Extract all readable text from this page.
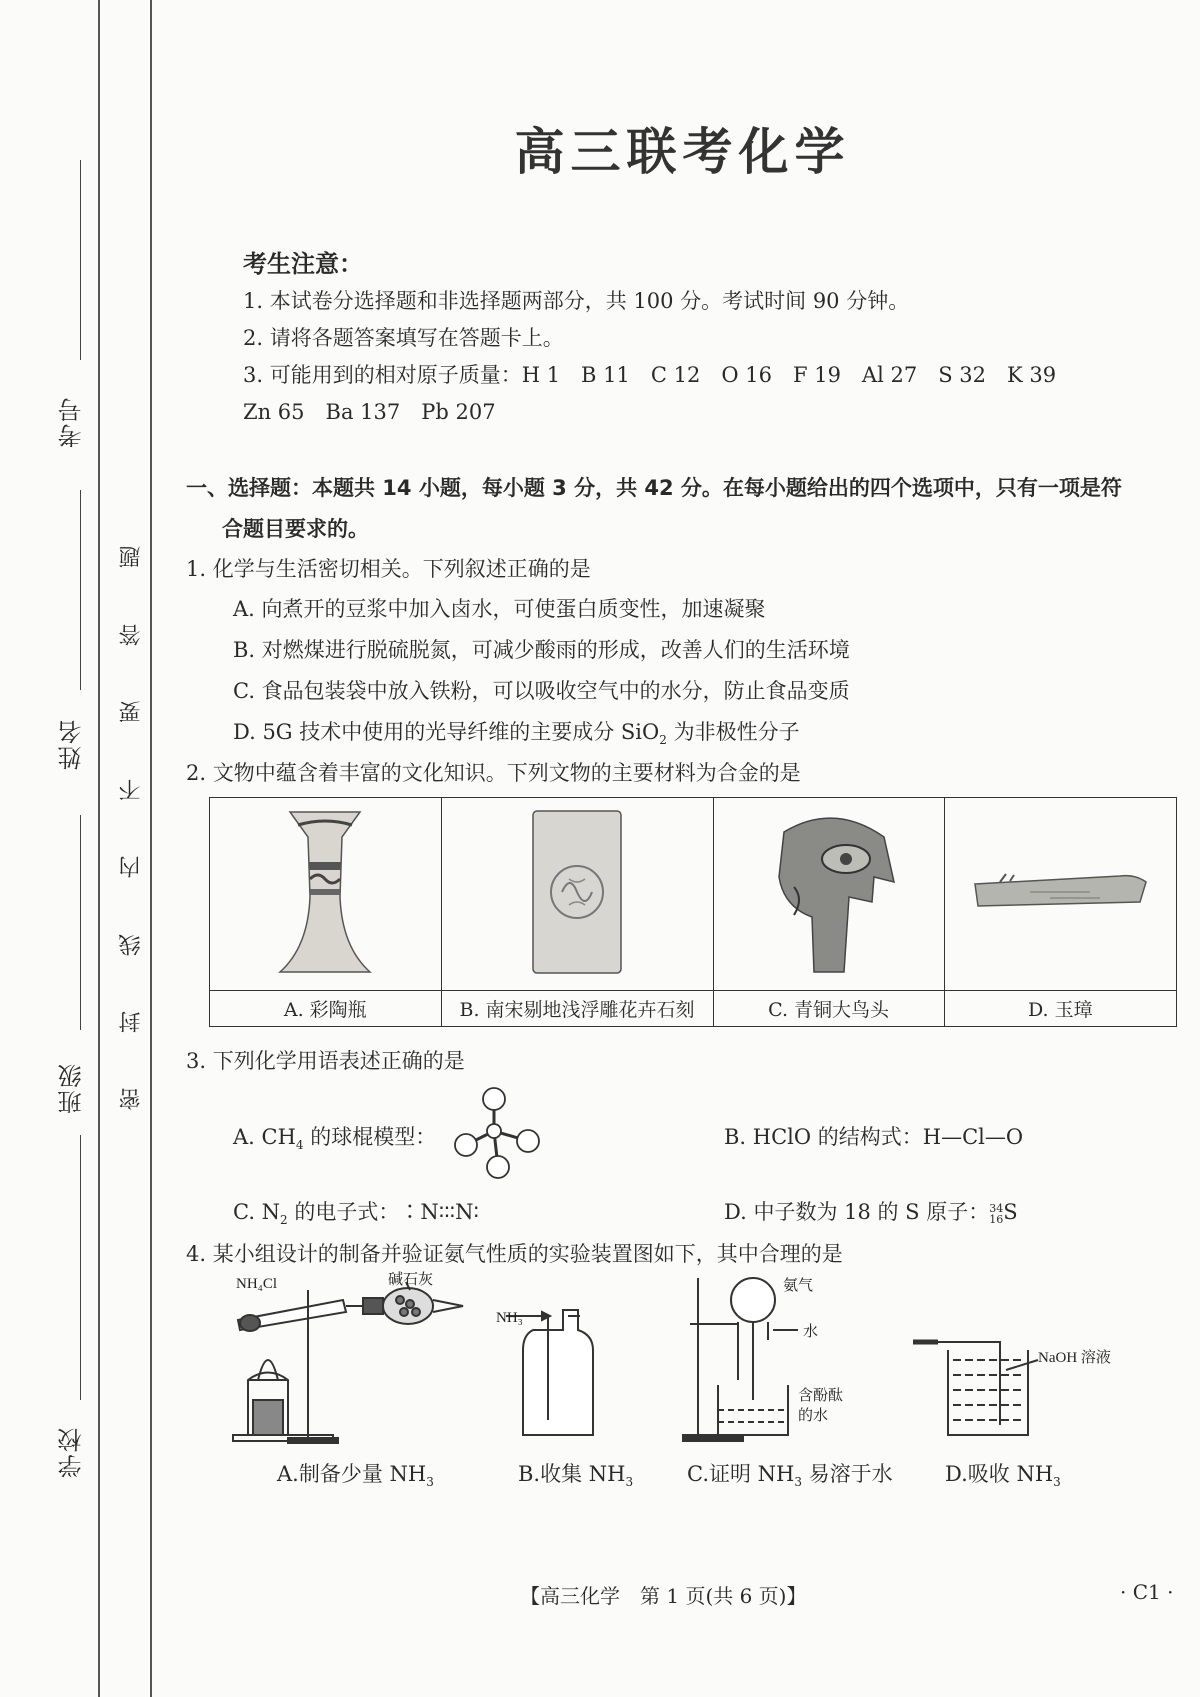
考号
姓名
班级
学校
题
答
要
不
内
线
封
密
高三联考化学
考生注意：
1. 本试卷分选择题和非选择题两部分，共 100 分。考试时间 90 分钟。
2. 请将各题答案填写在答题卡上。
3. 可能用到的相对原子质量：H 1　B 11　C 12　O 16　F 19　Al 27　S 32　K 39
Zn 65　Ba 137　Pb 207
一、选择题：本题共 14 小题，每小题 3 分，共 42 分。在每小题给出的四个选项中，只有一项是符
合题目要求的。
1. 化学与生活密切相关。下列叙述正确的是
A. 向煮开的豆浆中加入卤水，可使蛋白质变性，加速凝聚
B. 对燃煤进行脱硫脱氮，可减少酸雨的形成，改善人们的生活环境
C. 食品包装袋中放入铁粉，可以吸收空气中的水分，防止食品变质
D. 5G 技术中使用的光导纤维的主要成分 SiO$_2$ 为非极性分子
2. 文物中蕴含着丰富的文化知识。下列文物的主要材料为合金的是

A. 彩陶瓶	B. 南宋剔地浅浮雕花卉石刻	C. 青铜大鸟头	D. 玉璋
3. 下列化学用语表述正确的是
A. $CH_4$ 的球棍模型：	B. HClO 的结构式：H—Cl—O
C. $N_2$ 的电子式：∶N∶∶∶N∶	D. 中子数为 18 的 S 原子： 34
16 S
4. 某小组设计的制备并验证氨气性质的实验装置图如下，其中合理的是
NH₄Cl	碱石灰
NH₃
氨气
水
含酚酞
的水
NaOH 溶液
A.制备少量 $NH_3$	B.收集 $NH_3$	C.证明 $NH_3$ 易溶于水 D.吸收 $NH_3$
【高三化学　第 1 页(共 6 页)】	· C1 ·
